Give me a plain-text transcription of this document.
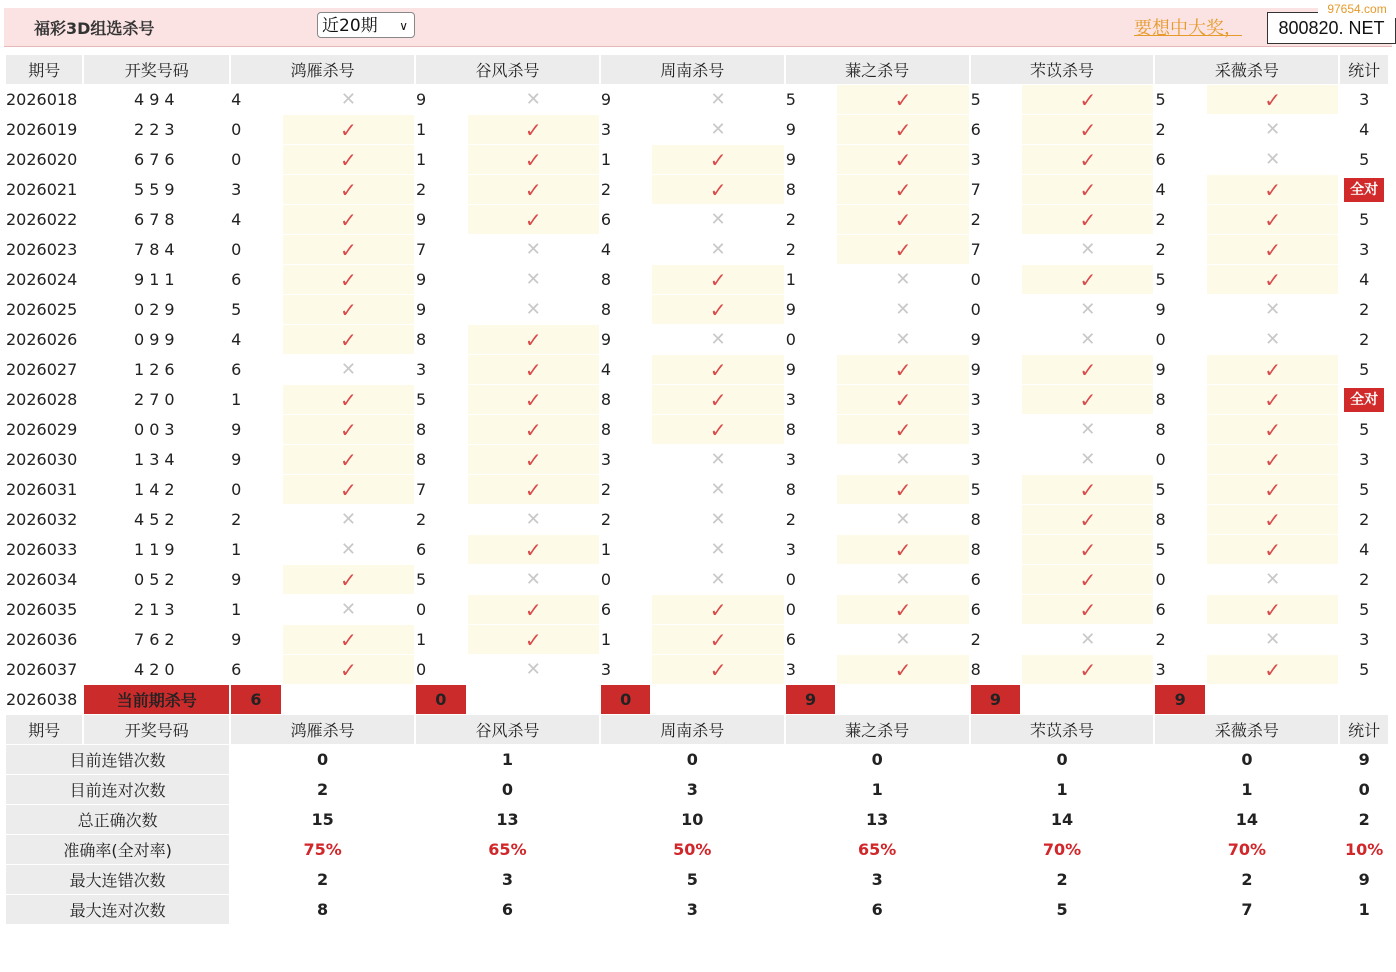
福彩3D组选杀号	近20期 ∨	要想中大奖，	800820. NET
97654.com
期号	开奖号码	鸿雁杀号		谷风杀号		周南杀号		蒹之杀号		芣苡杀号		采薇杀号		统计
2026018	494	4	✕	9	✕	9	✕	5	✓	5	✓	5	✓	3
2026019	223	0	✓	1	✓	3	✕	9	✓	6	✓	2	✕	4
2026020	676	0	✓	1	✓	1	✓	9	✓	3	✓	6	✕	5
2026021	559	3	✓	2	✓	2	✓	8	✓	7	✓	4	✓	全对
2026022	678	4	✓	9	✓	6	✕	2	✓	2	✓	2	✓	5
2026023	784	0	✓	7	✕	4	✕	2	✓	7	✕	2	✓	3
2026024	911	6	✓	9	✕	8	✓	1	✕	0	✓	5	✓	4
2026025	029	5	✓	9	✕	8	✓	9	✕	0	✕	9	✕	2
2026026	099	4	✓	8	✓	9	✕	0	✕	9	✕	0	✕	2
2026027	126	6	✕	3	✓	4	✓	9	✓	9	✓	9	✓	5
2026028	270	1	✓	5	✓	8	✓	3	✓	3	✓	8	✓	全对
2026029	003	9	✓	8	✓	8	✓	8	✓	3	✕	8	✓	5
2026030	134	9	✓	8	✓	3	✕	3	✕	3	✕	0	✓	3
2026031	142	0	✓	7	✓	2	✕	8	✓	5	✓	5	✓	5
2026032	452	2	✕	2	✕	2	✕	2	✕	8	✓	8	✓	2
2026033	119	1	✕	6	✓	1	✕	3	✓	8	✓	5	✓	4
2026034	052	9	✓	5	✕	0	✕	0	✕	6	✓	0	✕	2
2026035	213	1	✕	0	✓	6	✓	0	✓	6	✓	6	✓	5
2026036	762	9	✓	1	✓	1	✓	6	✕	2	✕	2	✕	3
2026037	420	6	✓	0	✕	3	✓	3	✓	8	✓	3	✓	5
2026038	当前期杀号	6		0		0		9		9		9		
期号	开奖号码	鸿雁杀号		谷风杀号		周南杀号		蒹之杀号		芣苡杀号		采薇杀号		统计
目前连错次数		0		1		0		0		0		0		9
目前连对次数		2		0		3		1		1		1		0
总正确次数		15		13		10		13		14		14		2
准确率(全对率)		75%		65%		50%		65%		70%		70%		10%
最大连错次数		2		3		5		3		2		2		9
最大连对次数		8		6		3		6		5		7		1
